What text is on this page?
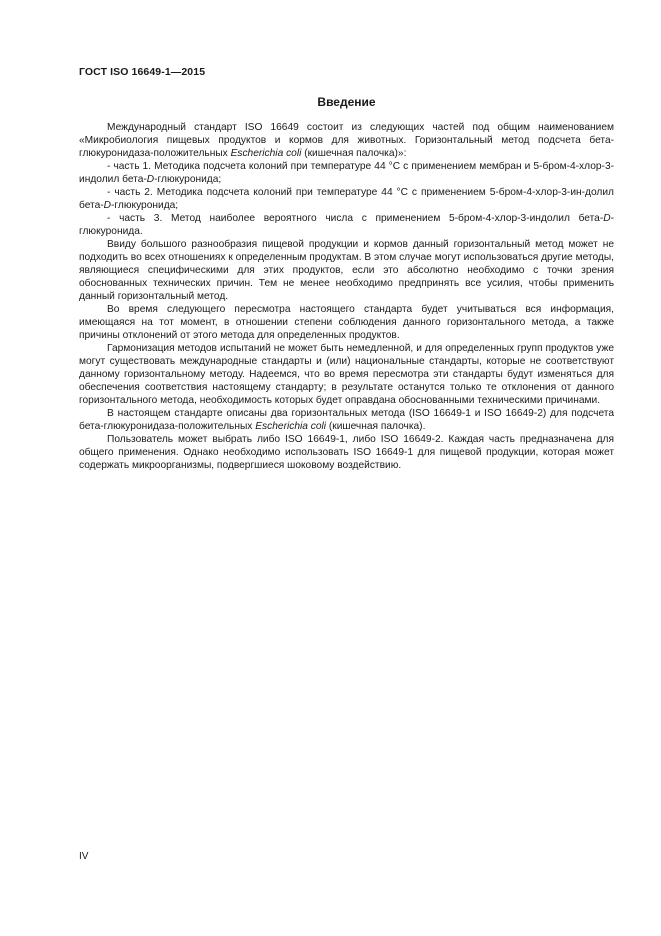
ГОСТ ISO 16649-1—2015
Введение

Международный стандарт ISO 16649 состоит из следующих частей под общим наименованием «Микробиология пищевых продуктов и кормов для животных. Горизонтальный метод подсчета бета-глюкуронидаза-положительных Escherichia coli (кишечная палочка)»:

- часть 1. Методика подсчета колоний при температуре 44 °С с применением мембран и 5-бром-4-хлор-3-индолил бета-D-глюкуронида;

- часть 2. Методика подсчета колоний при температуре 44 °С с применением 5-бром-4-хлор-3-ин-долил бета-D-глюкуронида;

- часть 3. Метод наиболее вероятного числа с применением 5-бром-4-хлор-3-индолил бета-D-глюкуронида.

Ввиду большого разнообразия пищевой продукции и кормов данный горизонтальный метод может не подходить во всех отношениях к определенным продуктам. В этом случае могут использоваться другие методы, являющиеся специфическими для этих продуктов, если это абсолютно необходимо с точки зрения обоснованных технических причин. Тем не менее необходимо предпринять все усилия, чтобы применить данный горизонтальный метод.

Во время следующего пересмотра настоящего стандарта будет учитываться вся информация, имеющаяся на тот момент, в отношении степени соблюдения данного горизонтального метода, а также причины отклонений от этого метода для определенных продуктов.

Гармонизация методов испытаний не может быть немедленной, и для определенных групп продуктов уже могут существовать международные стандарты и (или) национальные стандарты, которые не соответствуют данному горизонтальному методу. Надеемся, что во время пересмотра эти стандарты будут изменяться для обеспечения соответствия настоящему стандарту; в результате останутся только те отклонения от данного горизонтального метода, необходимость которых будет оправдана обоснованными техническими причинами.

В настоящем стандарте описаны два горизонтальных метода (ISO 16649-1 и ISO 16649-2) для подсчета бета-глюкуронидаза-положительных Escherichia coli (кишечная палочка).

Пользователь может выбрать либо ISO 16649-1, либо ISO 16649-2. Каждая часть предназначена для общего применения. Однако необходимо использовать ISO 16649-1 для пищевой продукции, которая может содержать микроорганизмы, подвергшиеся шоковому воздействию.

IV
